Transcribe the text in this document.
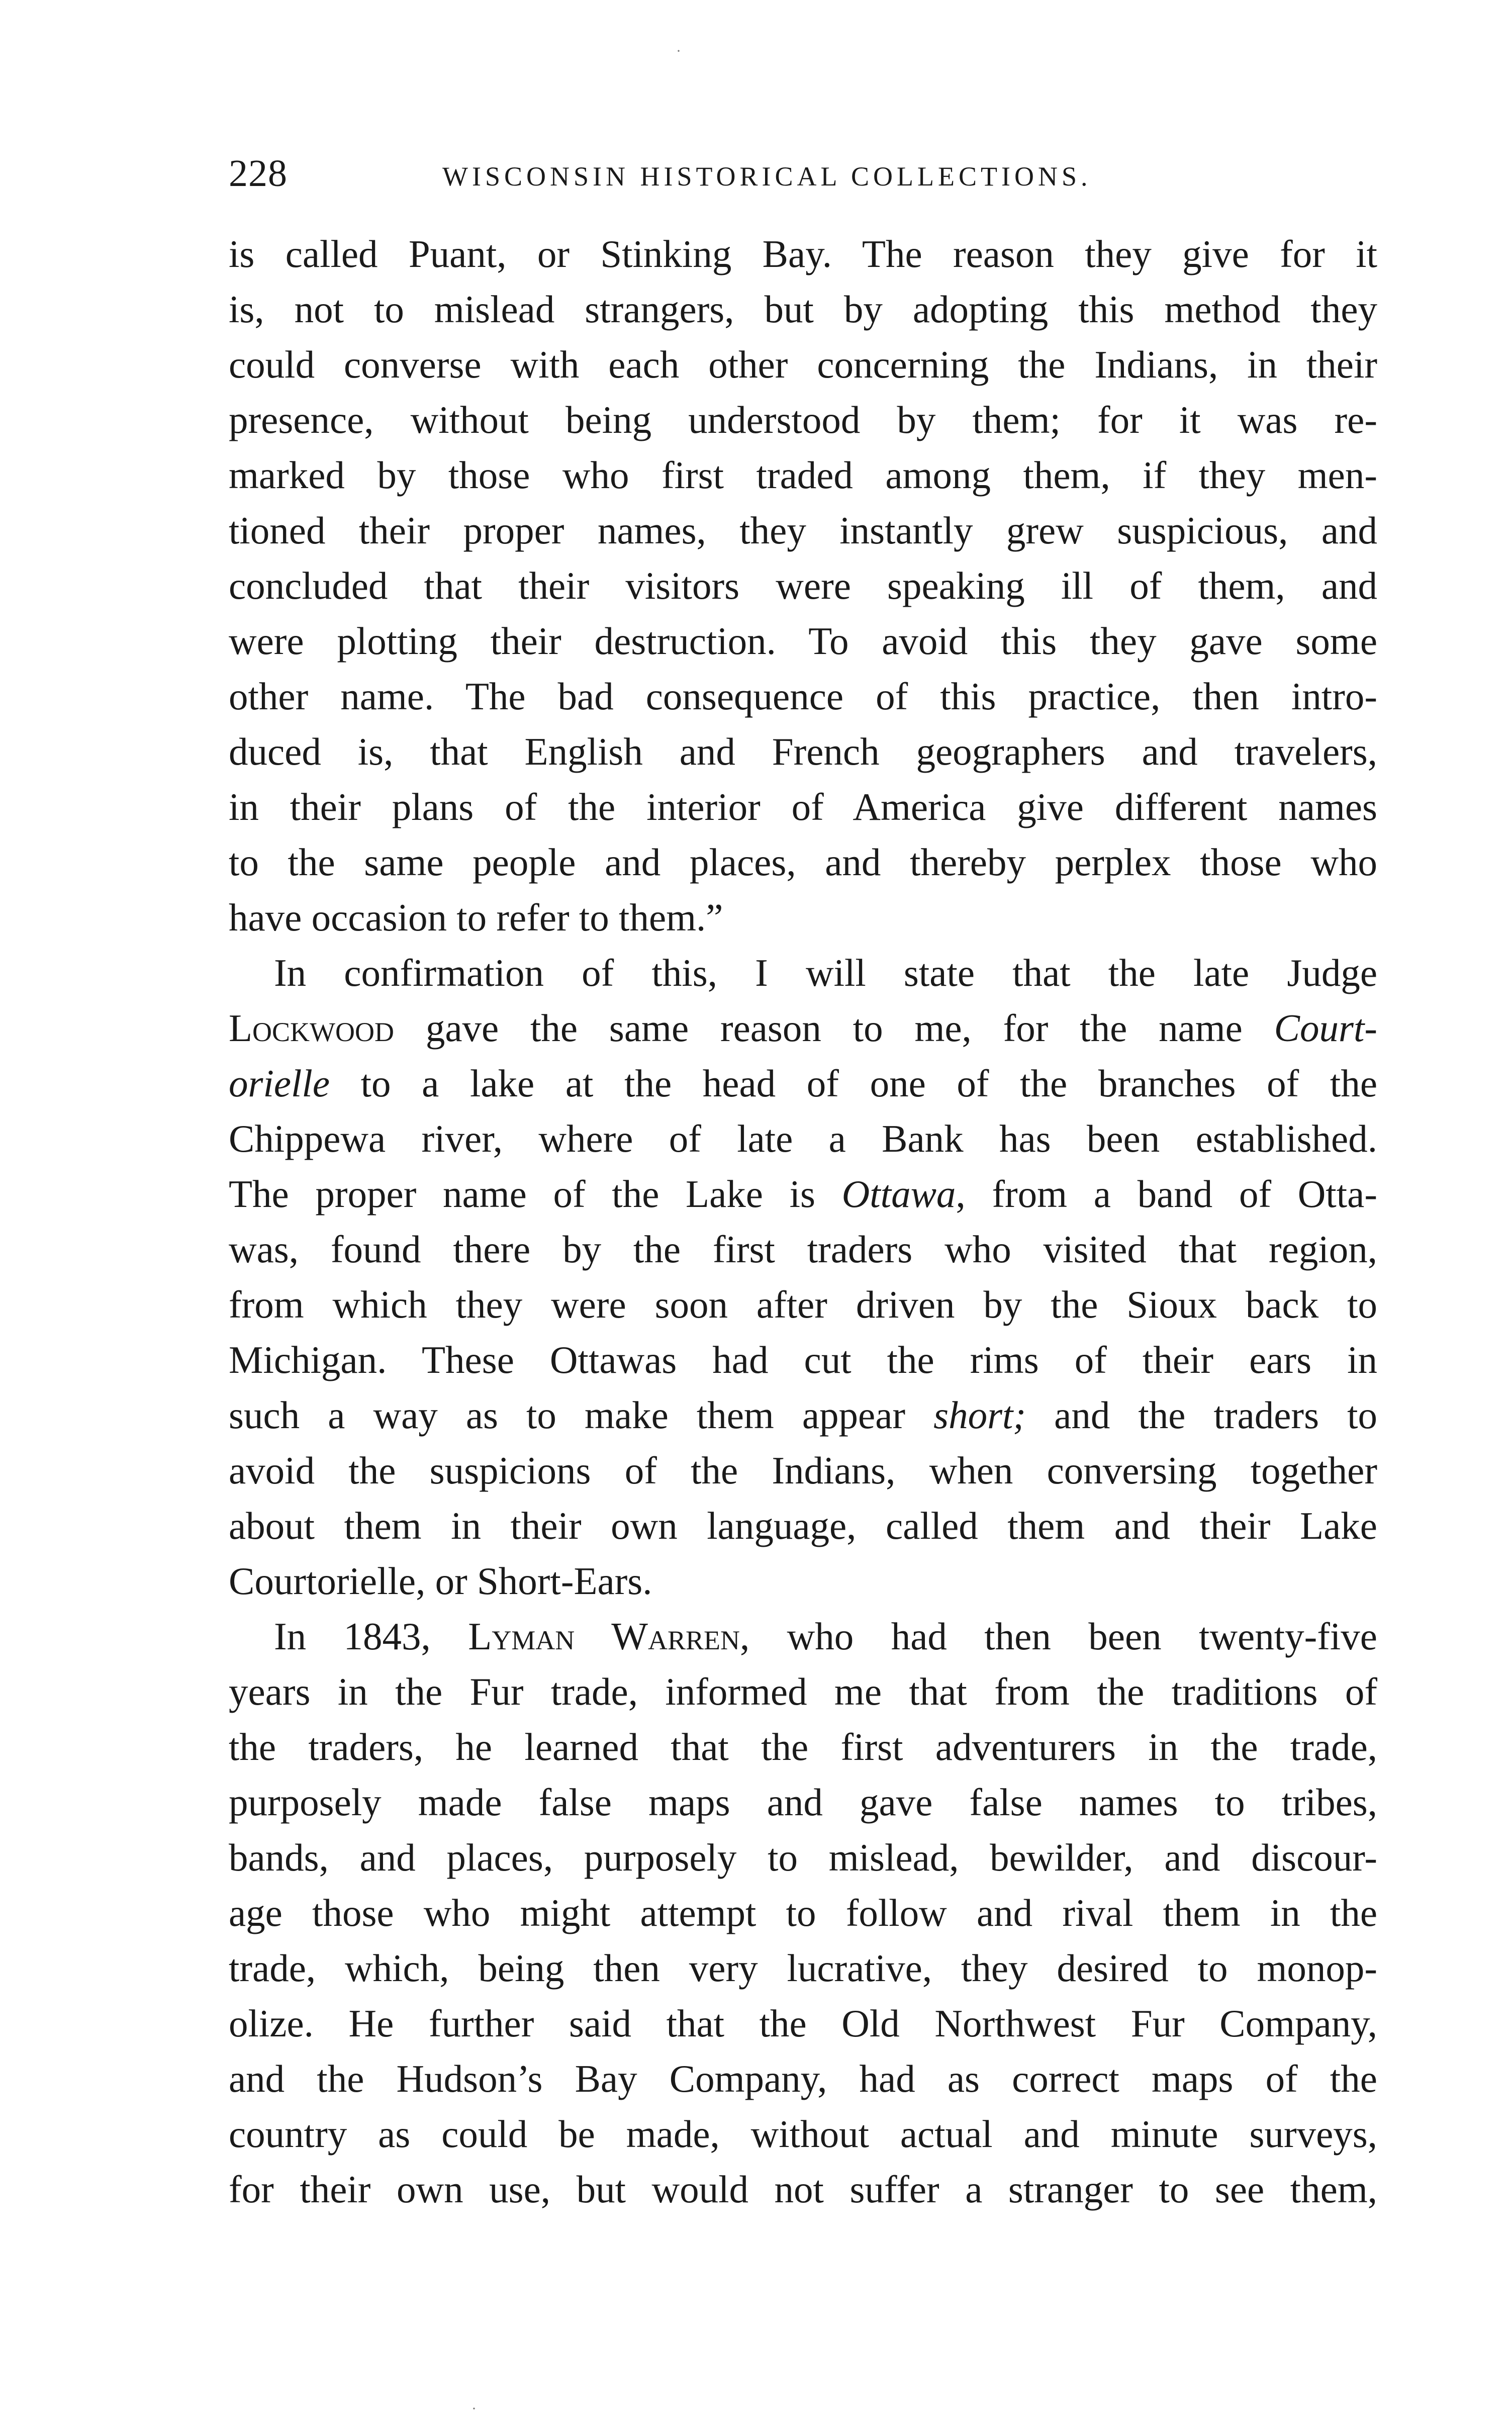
228	WISCONSIN HISTORICAL COLLECTIONS.
is called Puant, or Stinking Bay. The reason they give for it
is, not to mislead strangers, but by adopting this method they
could converse with each other concerning the Indians, in their
presence, without being understood by them; for it was re-
marked by those who first traded among them, if they men-
tioned their proper names, they instantly grew suspicious, and
concluded that their visitors were speaking ill of them, and
were plotting their destruction. To avoid this they gave some
other name. The bad consequence of this practice, then intro-
duced is, that English and French geographers and travelers,
in their plans of the interior of America give different names
to the same people and places, and thereby perplex those who
have occasion to refer to them.”
In confirmation of this, I will state that the late Judge
Lockwood gave the same reason to me, for the name Court-
orielle to a lake at the head of one of the branches of the
Chippewa river, where of late a Bank has been established.
The proper name of the Lake is Ottawa, from a band of Otta-
was, found there by the first traders who visited that region,
from which they were soon after driven by the Sioux back to
Michigan. These Ottawas had cut the rims of their ears in
such a way as to make them appear short; and the traders to
avoid the suspicions of the Indians, when conversing together
about them in their own language, called them and their Lake
Courtorielle, or Short-Ears.
In 1843, Lyman Warren, who had then been twenty-five
years in the Fur trade, informed me that from the traditions of
the traders, he learned that the first adventurers in the trade,
purposely made false maps and gave false names to tribes,
bands, and places, purposely to mislead, bewilder, and discour-
age those who might attempt to follow and rival them in the
trade, which, being then very lucrative, they desired to monop-
olize. He further said that the Old Northwest Fur Company,
and the Hudson’s Bay Company, had as correct maps of the
country as could be made, without actual and minute surveys,
for their own use, but would not suffer a stranger to see them,
·
·
